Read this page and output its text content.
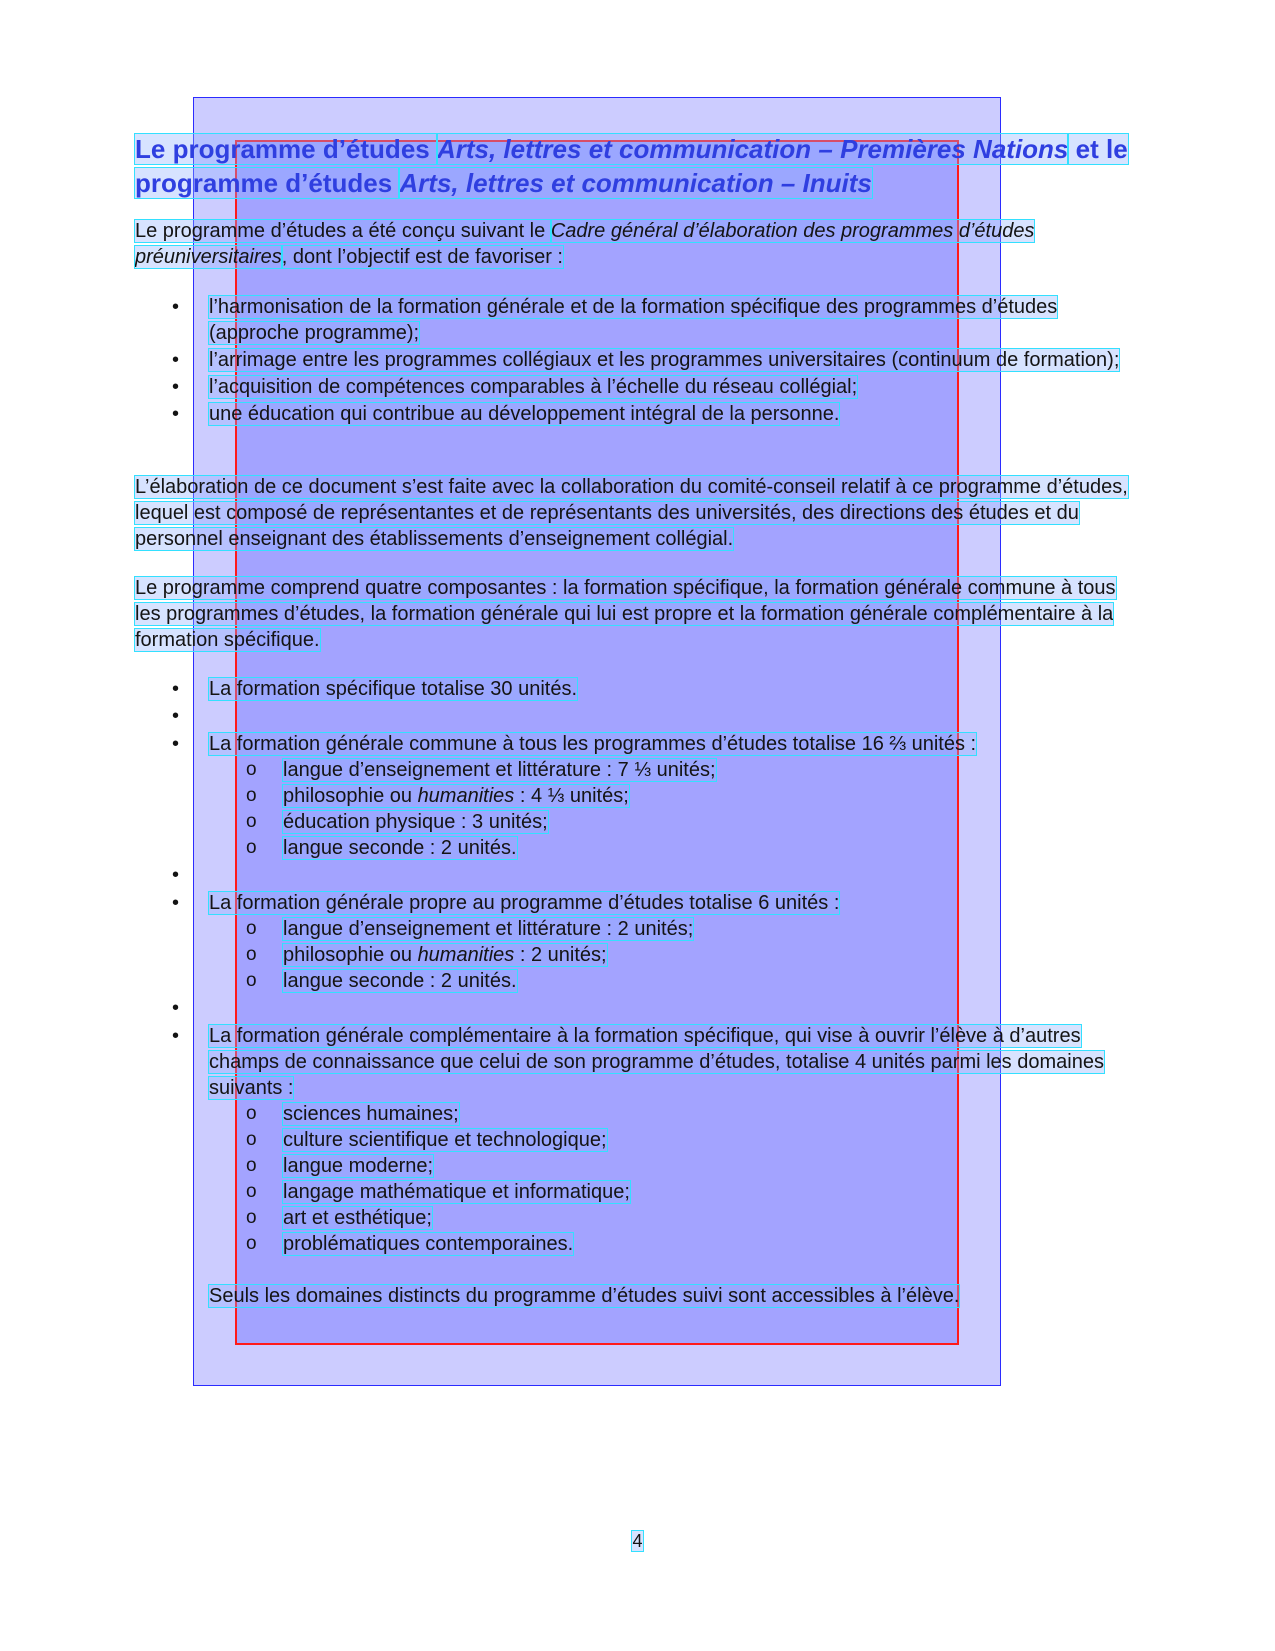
Le programme d’études Arts, lettres et communication – Premières Nations et le programme d’études Arts, lettres et communication – Inuits
Le programme d’études a été conçu suivant le Cadre général d’élaboration des programmes d’études préuniversitaires, dont l’objectif est de favoriser :
• l’harmonisation de la formation générale et de la formation spécifique des programmes d’études (approche programme);
• l’arrimage entre les programmes collégiaux et les programmes universitaires (continuum de formation);
• l’acquisition de compétences comparables à l’échelle du réseau collégial;
• une éducation qui contribue au développement intégral de la personne.
L’élaboration de ce document s’est faite avec la collaboration du comité-conseil relatif à ce programme d’études, lequel est composé de représentantes et de représentants des universités, des directions des études et du personnel enseignant des établissements d’enseignement collégial.
Le programme comprend quatre composantes : la formation spécifique, la formation générale commune à tous les programmes d’études, la formation générale qui lui est propre et la formation générale complémentaire à la formation spécifique.
• La formation spécifique totalise 30 unités.
•
• La formation générale commune à tous les programmes d’études totalise 16 ⅔ unités :
o langue d’enseignement et littérature : 7 ⅓ unités;
o philosophie ou humanities : 4 ⅓ unités;
o éducation physique : 3 unités;
o langue seconde : 2 unités.
•
• La formation générale propre au programme d’études totalise 6 unités :
o langue d’enseignement et littérature : 2 unités;
o philosophie ou humanities : 2 unités;
o langue seconde : 2 unités.
•
• La formation générale complémentaire à la formation spécifique, qui vise à ouvrir l’élève à d’autres champs de connaissance que celui de son programme d’études, totalise 4 unités parmi les domaines suivants :
o sciences humaines;
o culture scientifique et technologique;
o langue moderne;
o langage mathématique et informatique;
o art et esthétique;
o problématiques contemporaines.
Seuls les domaines distincts du programme d’études suivi sont accessibles à l’élève.
4
